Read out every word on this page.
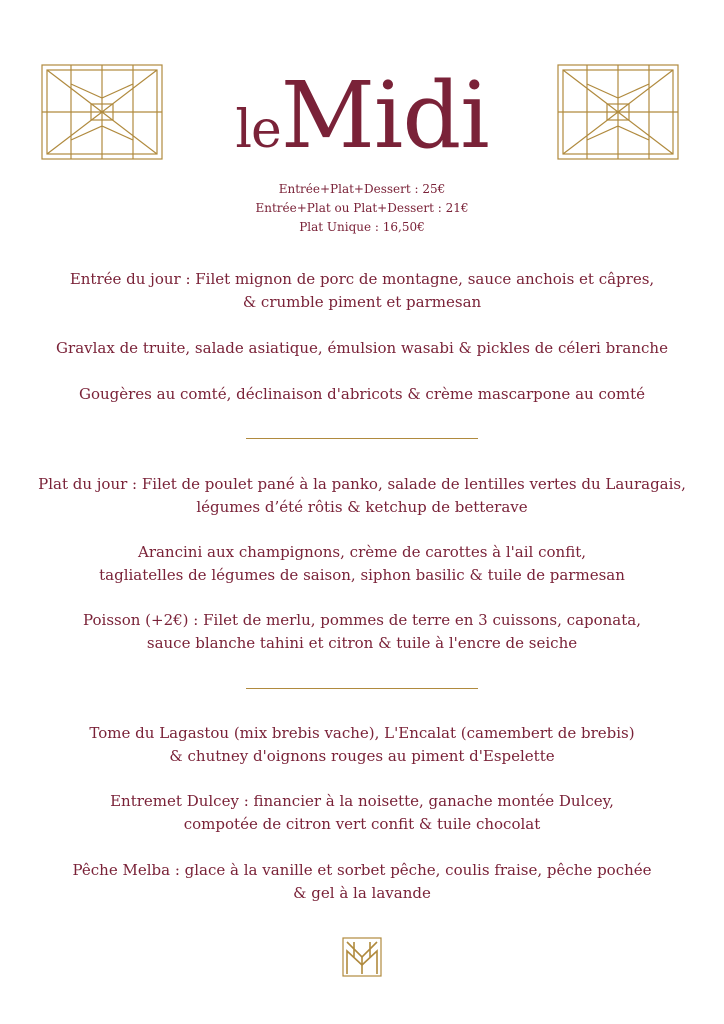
leMidi
Entrée+Plat+Dessert : 25€
Entrée+Plat ou Plat+Dessert : 21€
Plat Unique : 16,50€
Entrée du jour : Filet mignon de porc de montagne, sauce anchois et câpres,
& crumble piment et parmesan
Gravlax de truite, salade asiatique, émulsion wasabi & pickles de céleri branche
Gougères au comté, déclinaison d'abricots & crème mascarpone au comté
Plat du jour : Filet de poulet pané à la panko, salade de lentilles vertes du Lauragais,
légumes d’été rôtis & ketchup de betterave
Arancini aux champignons, crème de carottes à l'ail confit,
tagliatelles de légumes de saison, siphon basilic & tuile de parmesan
Poisson (+2€) : Filet de merlu, pommes de terre en 3 cuissons, caponata,
sauce blanche tahini et citron & tuile à l'encre de seiche
Tome du Lagastou (mix brebis vache), L'Encalat (camembert de brebis)
& chutney d'oignons rouges au piment d'Espelette
Entremet Dulcey : financier à la noisette, ganache montée Dulcey,
compotée de citron vert confit & tuile chocolat
Pêche Melba : glace à la vanille et sorbet pêche, coulis fraise, pêche pochée
& gel à la lavande
